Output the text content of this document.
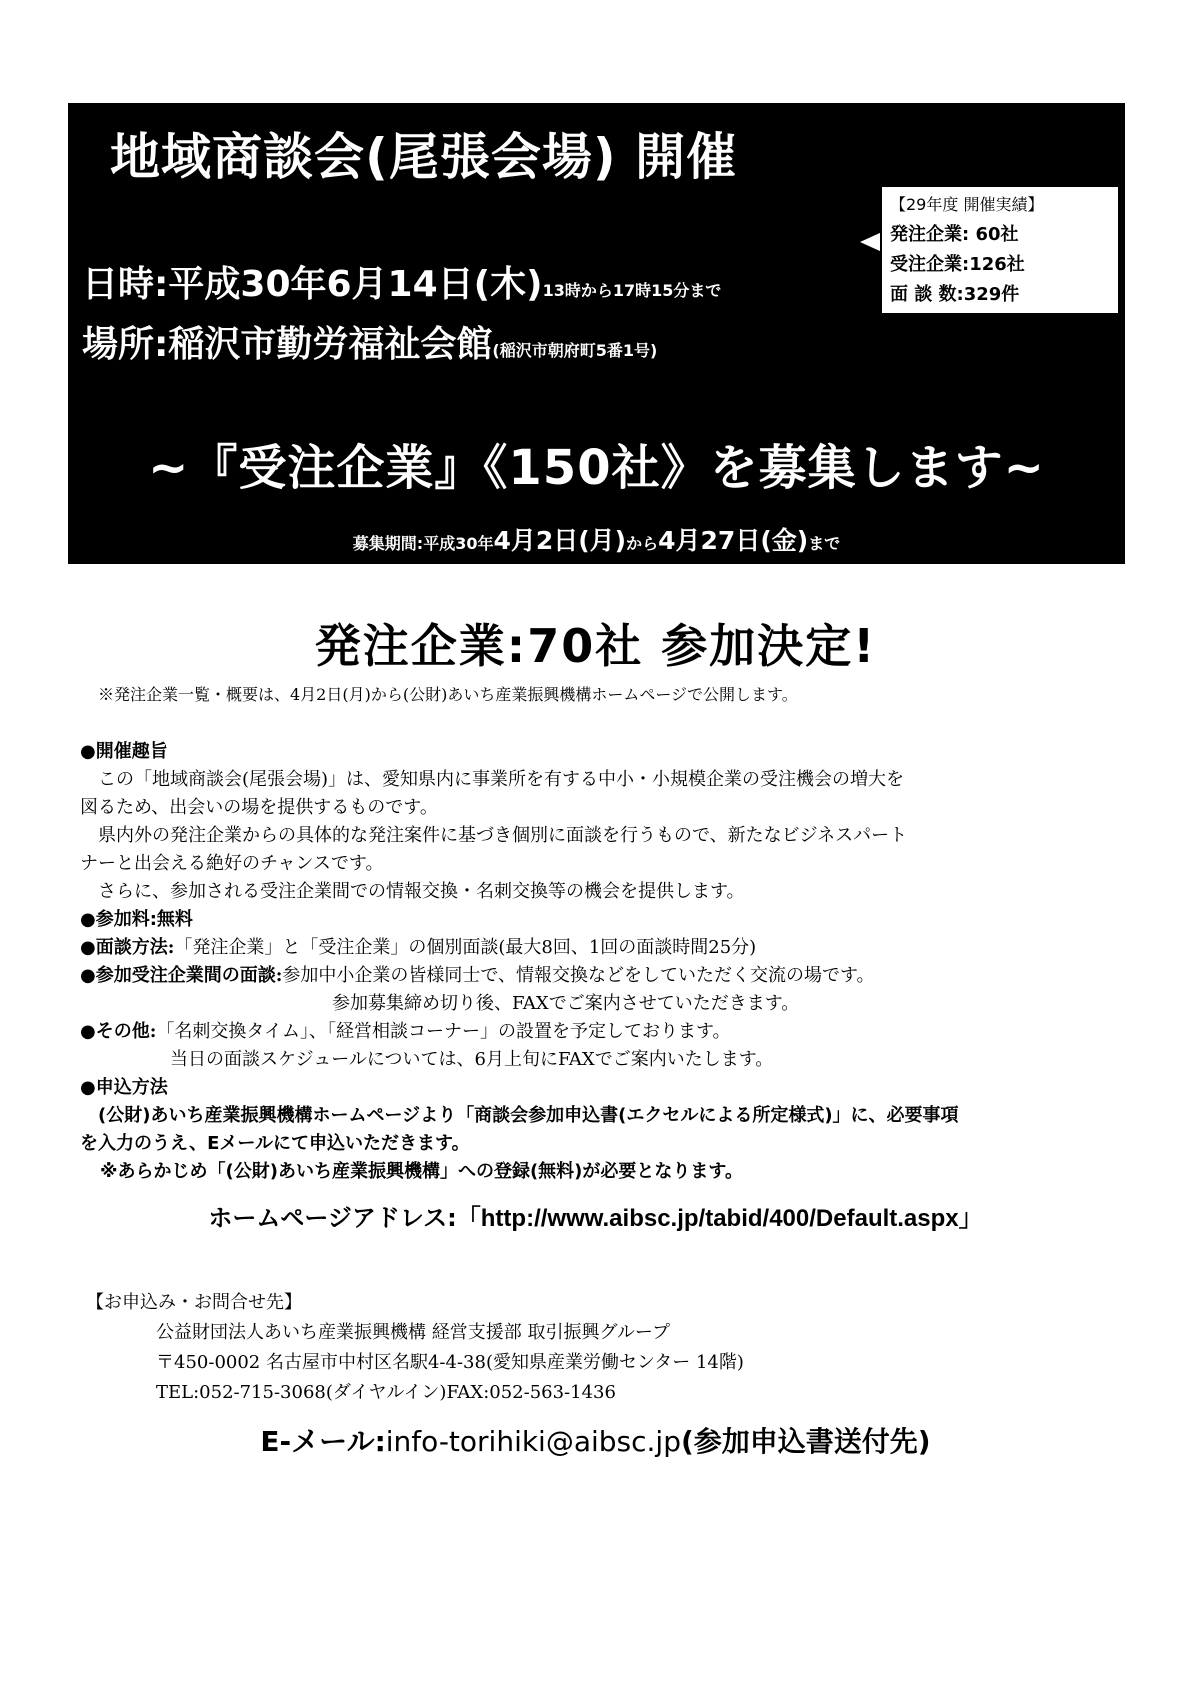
地域商談会(尾張会場) 開催
日時:平成30年6月14日(木)13時から17時15分まで
場所:稲沢市勤労福祉会館(稲沢市朝府町5番1号)
~『受注企業』《150社》を募集します~
募集期間:平成30年4月2日(月)から4月27日(金)まで
【29年度 開催実績】
発注企業: 60社
受注企業:126社
面 談 数:329件
発注企業:70社 参加決定!
※発注企業一覧・概要は、4月2日(月)から(公財)あいち産業振興機構ホームページで公開します。
●開催趣旨
この「地域商談会(尾張会場)」は、愛知県内に事業所を有する中小・小規模企業の受注機会の増大を
図るため、出会いの場を提供するものです。
県内外の発注企業からの具体的な発注案件に基づき個別に面談を行うもので、新たなビジネスパート
ナーと出会える絶好のチャンスです。
さらに、参加される受注企業間での情報交換・名刺交換等の機会を提供します。
●参加料:無料
●面談方法:「発注企業」と「受注企業」の個別面談(最大8回、1回の面談時間25分)
●参加受注企業間の面談:参加中小企業の皆様同士で、情報交換などをしていただく交流の場です。
参加募集締め切り後、FAXでご案内させていただきます。
●その他:「名刺交換タイム」、「経営相談コーナー」の設置を予定しております。
当日の面談スケジュールについては、6月上旬にFAXでご案内いたします。
●申込方法
(公財)あいち産業振興機構ホームページより「商談会参加申込書(エクセルによる所定様式)」に、必要事項
を入力のうえ、Eメールにて申込いただきます。
※あらかじめ「(公財)あいち産業振興機構」への登録(無料)が必要となります。
ホームページアドレス:「http://www.aibsc.jp/tabid/400/Default.aspx」
【お申込み・お問合せ先】
公益財団法人あいち産業振興機構 経営支援部 取引振興グループ
〒450-0002 名古屋市中村区名駅4-4-38(愛知県産業労働センター 14階)
TEL:052-715-3068(ダイヤルイン)FAX:052-563-1436
E-メール:info-torihiki@aibsc.jp(参加申込書送付先)
